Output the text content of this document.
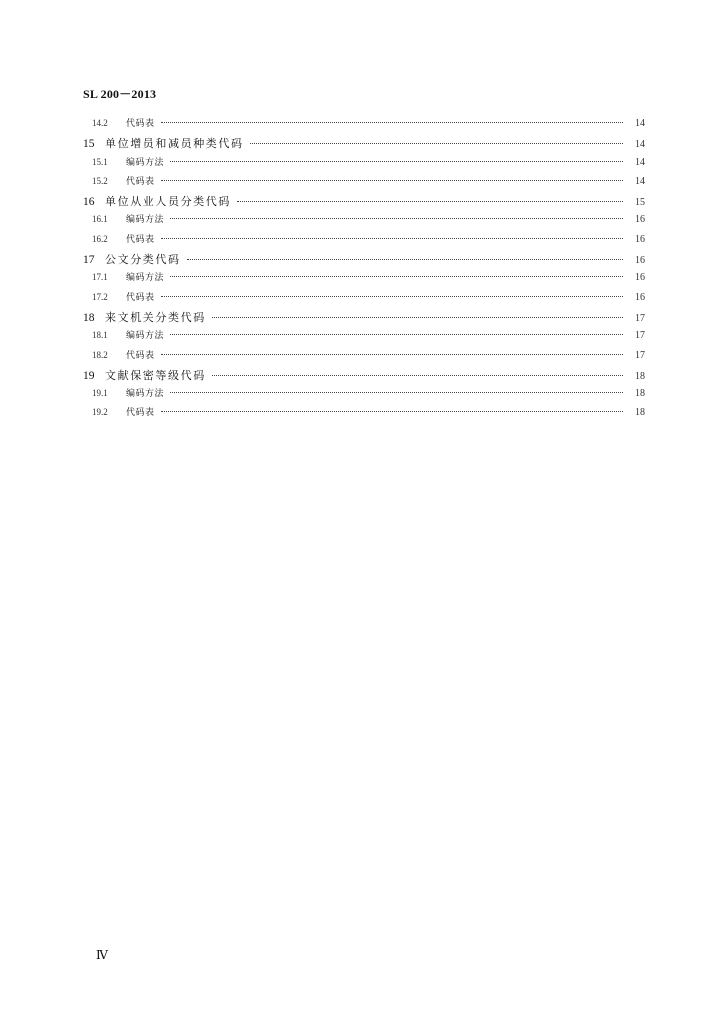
SL 200－2013
14.2	代码表	14
15 单位增员和减员种类代码	14
15.1	编码方法	14
15.2	代码表	14
16 单位从业人员分类代码	15
16.1	编码方法	16
16.2	代码表	16
17 公文分类代码	16
17.1	编码方法	16
17.2	代码表	16
18 来文机关分类代码	17
18.1	编码方法	17
18.2	代码表	17
19 文献保密等级代码	18
19.1	编码方法	18
19.2	代码表	18
Ⅳ
